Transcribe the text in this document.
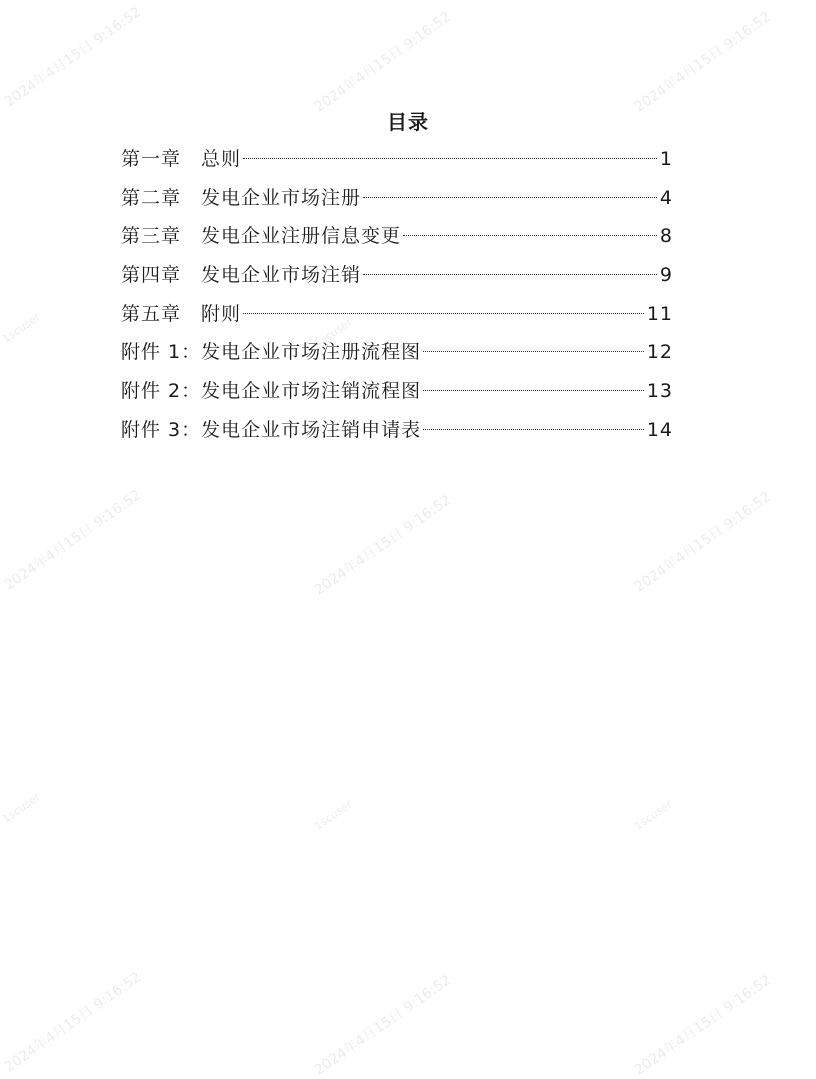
2024年4月15日 9:16:52	2024年4月15日 9:16:52	2024年4月15日 9:16:52
1scuser	1scuser
2024年4月15日 9:16:52	2024年4月15日 9:16:52	2024年4月15日 9:16:52
1scuser	1scuser	1scuser
2024年4月15日 9:16:52	2024年4月15日 9:16:52	2024年4月15日 9:16:52
目录
第一章　总则	1
第二章　发电企业市场注册	4
第三章　发电企业注册信息变更	8
第四章　发电企业市场注销	9
第五章　附则	11
附件 1：发电企业市场注册流程图	12
附件 2：发电企业市场注销流程图	13
附件 3：发电企业市场注销申请表	14
